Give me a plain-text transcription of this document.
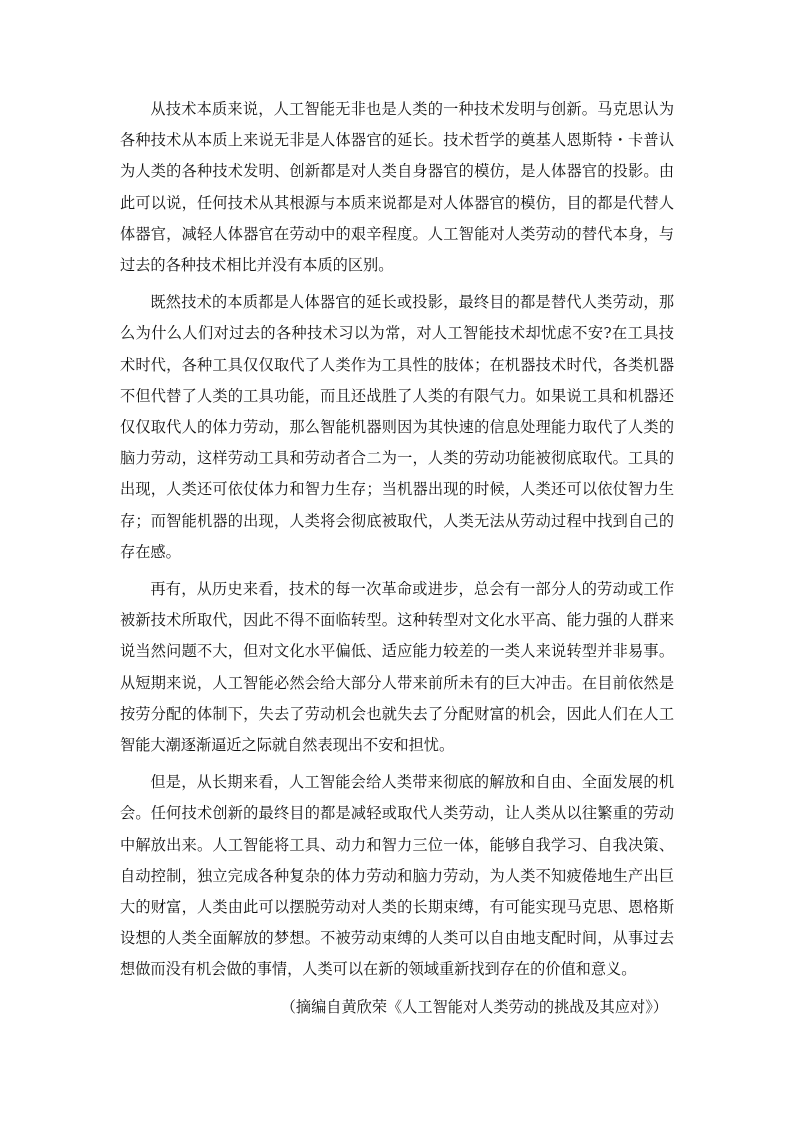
从技术本质来说，人工智能无非也是人类的一种技术发明与创新。马克思认为各种技术从本质上来说无非是人体器官的延长。技术哲学的奠基人恩斯特・卡普认为人类的各种技术发明、创新都是对人类自身器官的模仿，是人体器官的投影。由此可以说，任何技术从其根源与本质来说都是对人体器官的模仿，目的都是代替人体器官，减轻人体器官在劳动中的艰辛程度。人工智能对人类劳动的替代本身，与过去的各种技术相比并没有本质的区别。

既然技术的本质都是人体器官的延长或投影，最终目的都是替代人类劳动，那么为什么人们对过去的各种技术习以为常，对人工智能技术却忧虑不安?在工具技术时代，各种工具仅仅取代了人类作为工具性的肢体；在机器技术时代，各类机器不但代替了人类的工具功能，而且还战胜了人类的有限气力。如果说工具和机器还仅仅取代人的体力劳动，那么智能机器则因为其快速的信息处理能力取代了人类的脑力劳动，这样劳动工具和劳动者合二为一，人类的劳动功能被彻底取代。工具的出现，人类还可依仗体力和智力生存；当机器出现的时候，人类还可以依仗智力生存；而智能机器的出现，人类将会彻底被取代，人类无法从劳动过程中找到自己的存在感。

再有，从历史来看，技术的每一次革命或进步，总会有一部分人的劳动或工作被新技术所取代，因此不得不面临转型。这种转型对文化水平高、能力强的人群来说当然问题不大，但对文化水平偏低、适应能力较差的一类人来说转型并非易事。从短期来说，人工智能必然会给大部分人带来前所未有的巨大冲击。在目前依然是按劳分配的体制下，失去了劳动机会也就失去了分配财富的机会，因此人们在人工智能大潮逐渐逼近之际就自然表现出不安和担忧。

但是，从长期来看，人工智能会给人类带来彻底的解放和自由、全面发展的机会。任何技术创新的最终目的都是减轻或取代人类劳动，让人类从以往繁重的劳动中解放出来。人工智能将工具、动力和智力三位一体，能够自我学习、自我决策、自动控制，独立完成各种复杂的体力劳动和脑力劳动，为人类不知疲倦地生产出巨大的财富，人类由此可以摆脱劳动对人类的长期束缚，有可能实现马克思、恩格斯设想的人类全面解放的梦想。不被劳动束缚的人类可以自由地支配时间，从事过去想做而没有机会做的事情，人类可以在新的领域重新找到存在的价值和意义。

（摘编自黄欣荣《人工智能对人类劳动的挑战及其应对》）
